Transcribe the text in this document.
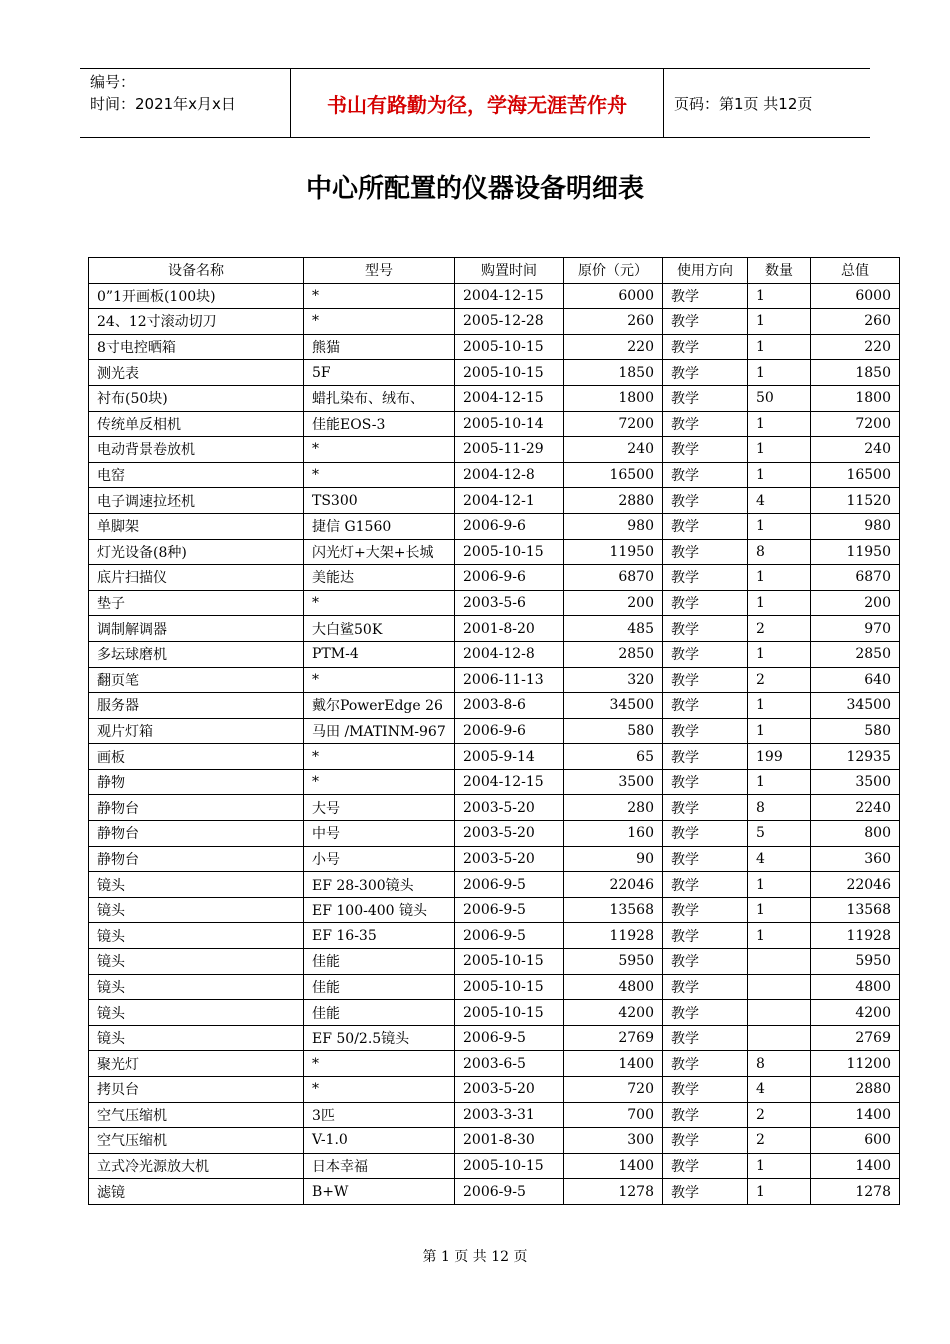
编号：
时间：2021年x月x日	书山有路勤为径，学海无涯苦作舟	页码：第1页 共12页
中心所配置的仪器设备明细表
设备名称	型号	购置时间	原价（元）	使用方向	数量	总值
0”1开画板(100块)	*	2004-12-15	6000	教学	1	6000
24、12寸滚动切刀	*	2005-12-28	260	教学	1	260
8寸电控晒箱	熊猫	2005-10-15	220	教学	1	220
测光表	5F	2005-10-15	1850	教学	1	1850
衬布(50块)	蜡扎染布、绒布、	2004-12-15	1800	教学	50	1800
传统单反相机	佳能EOS-3	2005-10-14	7200	教学	1	7200
电动背景卷放机	*	2005-11-29	240	教学	1	240
电窑	*	2004-12-8	16500	教学	1	16500
电子调速拉坯机	TS300	2004-12-1	2880	教学	4	11520
单脚架	捷信 G1560	2006-9-6	980	教学	1	980
灯光设备(8种)	闪光灯+大架+长城	2005-10-15	11950	教学	8	11950
底片扫描仪	美能达	2006-9-6	6870	教学	1	6870
垫子	*	2003-5-6	200	教学	1	200
调制解调器	大白鲨50K	2001-8-20	485	教学	2	970
多坛球磨机	PTM-4	2004-12-8	2850	教学	1	2850
翻页笔	*	2006-11-13	320	教学	2	640
服务器	戴尔PowerEdge 26	2003-8-6	34500	教学	1	34500
观片灯箱	马田 /MATINM-967	2006-9-6	580	教学	1	580
画板	*	2005-9-14	65	教学	199	12935
静物	*	2004-12-15	3500	教学	1	3500
静物台	大号	2003-5-20	280	教学	8	2240
静物台	中号	2003-5-20	160	教学	5	800
静物台	小号	2003-5-20	90	教学	4	360
镜头	EF 28-300镜头	2006-9-5	22046	教学	1	22046
镜头	EF 100-400 镜头	2006-9-5	13568	教学	1	13568
镜头	EF 16-35	2006-9-5	11928	教学	1	11928
镜头	佳能	2005-10-15	5950	教学		5950
镜头	佳能	2005-10-15	4800	教学		4800
镜头	佳能	2005-10-15	4200	教学		4200
镜头	EF 50/2.5镜头	2006-9-5	2769	教学		2769
聚光灯	*	2003-6-5	1400	教学	8	11200
拷贝台	*	2003-5-20	720	教学	4	2880
空气压缩机	3匹	2003-3-31	700	教学	2	1400
空气压缩机	V-1.0	2001-8-30	300	教学	2	600
立式冷光源放大机	日本幸福	2005-10-15	1400	教学	1	1400
滤镜	B+W	2006-9-5	1278	教学	1	1278
第 1 页 共 12 页
